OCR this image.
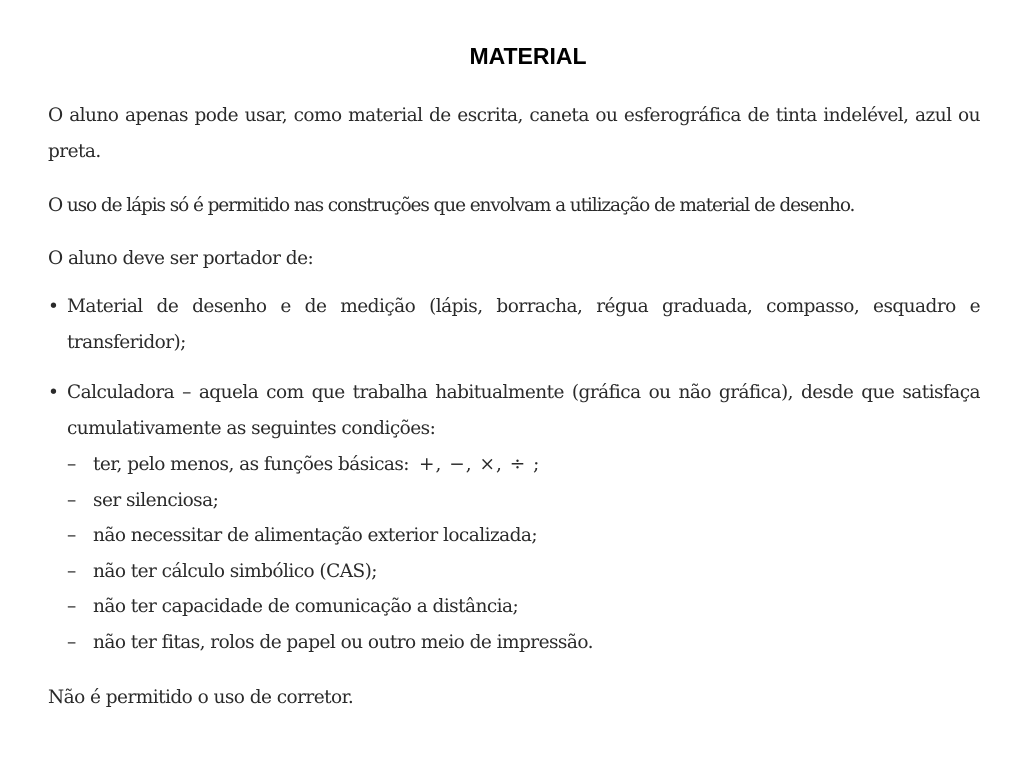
MATERIAL

O aluno apenas pode usar, como material de escrita, caneta ou esferográfica de tinta indelével, azul ou preta.

O uso de lápis só é permitido nas construções que envolvam a utilização de material de desenho.

O aluno deve ser portador de:

• Material de desenho e de medição (lápis, borracha, régua graduada, compasso, esquadro e transferidor);
• Calculadora – aquela com que trabalha habitualmente (gráfica ou não gráfica), desde que satisfaça cumulativamente as seguintes condições:
– ter, pelo menos, as funções básicas: +, −, ×, ÷ ;
– ser silenciosa;
– não necessitar de alimentação exterior localizada;
– não ter cálculo simbólico (CAS);
– não ter capacidade de comunicação a distância;
– não ter fitas, rolos de papel ou outro meio de impressão.

Não é permitido o uso de corretor.
